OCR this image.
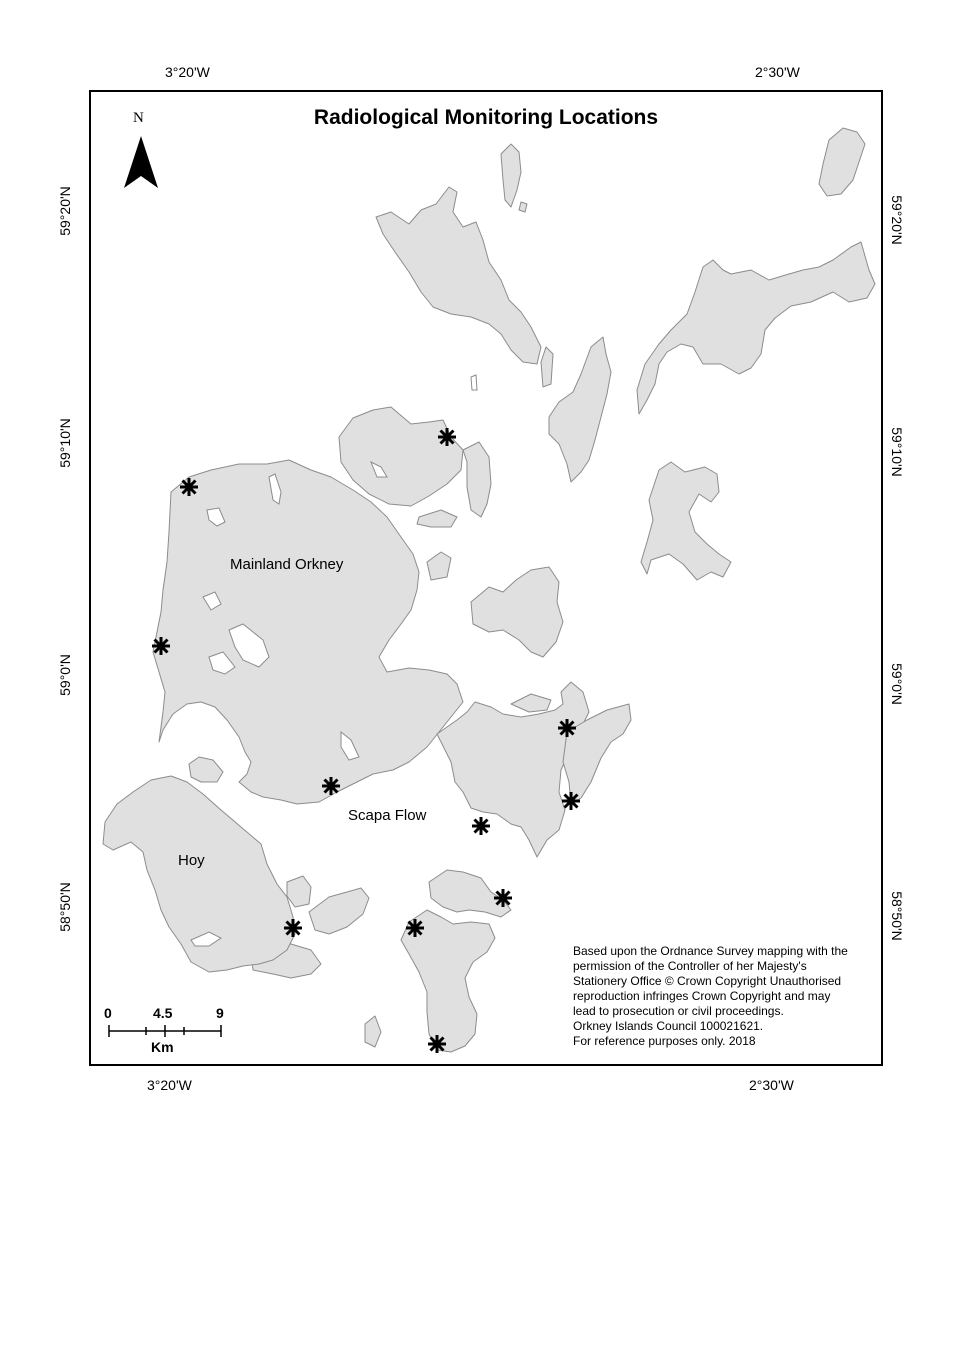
3°20'W	2°30'W
3°20'W	2°30'W
59°20'N
59°10'N
59°0'N
58°50'N
59°20'N
59°10'N
59°0'N
58°50'N
Radiological Monitoring Locations
N
Mainland Orkney
Scapa Flow
Hoy
0	4.5	9
Km
Based upon the Ordnance Survey mapping with the
permission of the Controller of her Majesty's
Stationery Office © Crown Copyright Unauthorised
reproduction infringes Crown Copyright and may
lead to prosecution or civil proceedings.
Orkney Islands Council 100021621.
For reference purposes only. 2018
